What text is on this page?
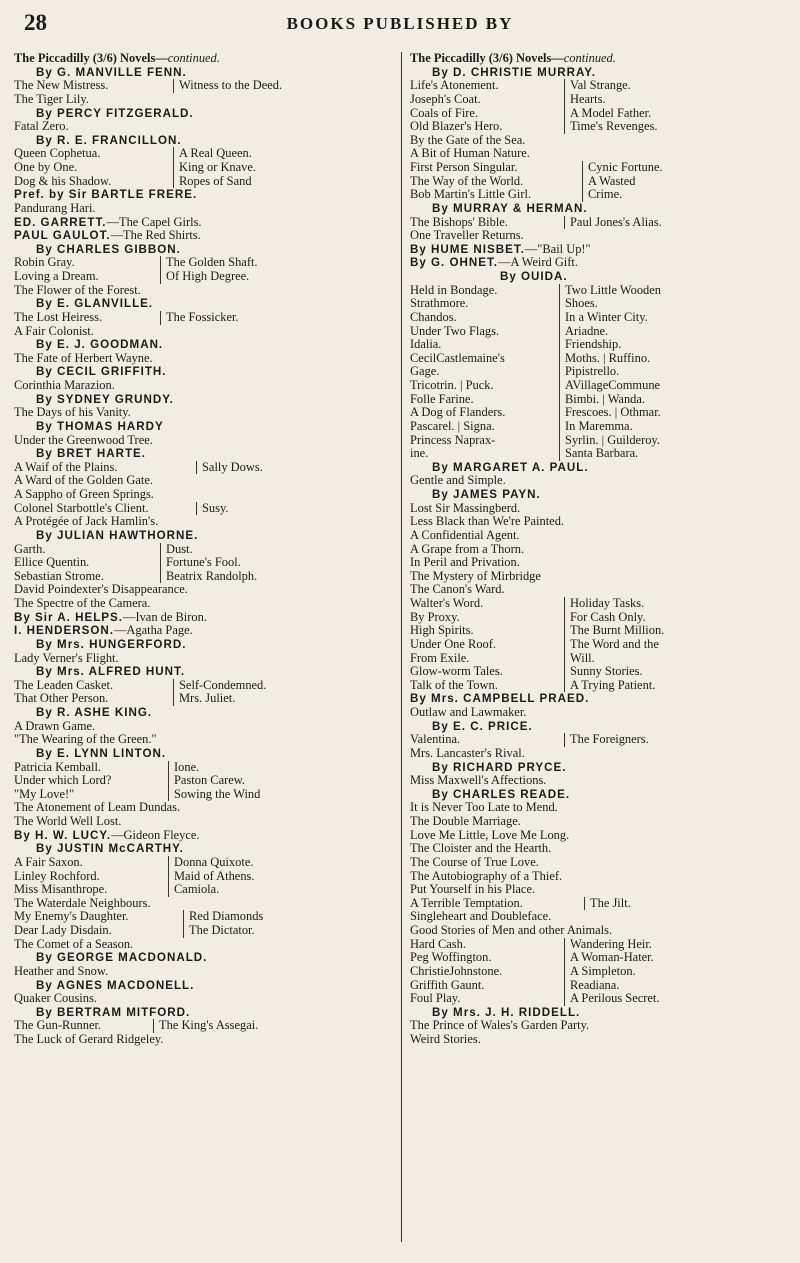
28	BOOKS PUBLISHED BY
The Piccadilly (3/6) Novels—continued.
By G. MANVILLE FENN.
The New Mistress.	Witness to the Deed.
The Tiger Lily.
By PERCY FITZGERALD.
Fatal Zero.
By R. E. FRANCILLON.
Queen Cophetua.	A Real Queen.
One by One.	King or Knave.
Dog & his Shadow.	Ropes of Sand
Pref. by Sir BARTLE FRERE.
Pandurang Hari.
ED. GARRETT.—The Capel Girls.
PAUL GAULOT.—The Red Shirts.
By CHARLES GIBBON.
Robin Gray.	The Golden Shaft.
Loving a Dream.	Of High Degree.
The Flower of the Forest.
By E. GLANVILLE.
The Lost Heiress.	The Fossicker.
A Fair Colonist.
By E. J. GOODMAN.
The Fate of Herbert Wayne.
By CECIL GRIFFITH.
Corinthia Marazion.
By SYDNEY GRUNDY.
The Days of his Vanity.
By THOMAS HARDY
Under the Greenwood Tree.
By BRET HARTE.
A Waif of the Plains.	Sally Dows.
A Ward of the Golden Gate.
A Sappho of Green Springs.
Colonel Starbottle's Client.	Susy.
A Protégée of Jack Hamlin's.
By JULIAN HAWTHORNE.
Garth.	Dust.
Ellice Quentin.	Fortune's Fool.
Sebastian Strome.	Beatrix Randolph.
David Poindexter's Disappearance.
The Spectre of the Camera.
By Sir A. HELPS.—Ivan de Biron.
I. HENDERSON.—Agatha Page.
By Mrs. HUNGERFORD.
Lady Verner's Flight.
By Mrs. ALFRED HUNT.
The Leaden Casket.	Self-Condemned.
That Other Person.	Mrs. Juliet.
By R. ASHE KING.
A Drawn Game.
"The Wearing of the Green."
By E. LYNN LINTON.
Patricia Kemball.	Ione.
Under which Lord?	Paston Carew.
"My Love!"	Sowing the Wind
The Atonement of Leam Dundas.
The World Well Lost.
By H. W. LUCY.—Gideon Fleyce.
By JUSTIN McCARTHY.
A Fair Saxon.	Donna Quixote.
Linley Rochford.	Maid of Athens.
Miss Misanthrope.	Camiola.
The Waterdale Neighbours.
My Enemy's Daughter.	Red Diamonds
Dear Lady Disdain.	The Dictator.
The Comet of a Season.
By GEORGE MACDONALD.
Heather and Snow.
By AGNES MACDONELL.
Quaker Cousins.
By BERTRAM MITFORD.
The Gun-Runner.	The King's Assegai.
The Luck of Gerard Ridgeley.
The Piccadilly (3/6) Novels—continued.
By D. CHRISTIE MURRAY.
Life's Atonement.	Val Strange.
Joseph's Coat.	Hearts.
Coals of Fire.	A Model Father.
Old Blazer's Hero.	Time's Revenges.
By the Gate of the Sea.
A Bit of Human Nature.
First Person Singular.	Cynic Fortune.
The Way of the World.	A Wasted
Bob Martin's Little Girl.	Crime.
By MURRAY & HERMAN.
The Bishops' Bible.	Paul Jones's Alias.
One Traveller Returns.
By HUME NISBET.—"Bail Up!"
By G. OHNET.—A Weird Gift.
By OUIDA.
Held in Bondage.	Two Little Wooden
Strathmore.	Shoes.
Chandos.	In a Winter City.
Under Two Flags.	Ariadne.
Idalia.	Friendship.
CecilCastlemaine's	Moths. | Ruffino.
Gage.	Pipistrello.
Tricotrin. | Puck.	AVillageCommune
Folle Farine.	Bimbi. | Wanda.
A Dog of Flanders.	Frescoes. | Othmar.
Pascarel. | Signa.	In Maremma.
Princess Naprax-	Syrlin. | Guilderoy.
ine.	Santa Barbara.
By MARGARET A. PAUL.
Gentle and Simple.
By JAMES PAYN.
Lost Sir Massingberd.
Less Black than We're Painted.
A Confidential Agent.
A Grape from a Thorn.
In Peril and Privation.
The Mystery of Mirbridge
The Canon's Ward.
Walter's Word.	Holiday Tasks.
By Proxy.	For Cash Only.
High Spirits.	The Burnt Million.
Under One Roof.	The Word and the
From Exile.	Will.
Glow-worm Tales.	Sunny Stories.
Talk of the Town.	A Trying Patient.
By Mrs. CAMPBELL PRAED.
Outlaw and Lawmaker.
By E. C. PRICE.
Valentina.	The Foreigners.
Mrs. Lancaster's Rival.
By RICHARD PRYCE.
Miss Maxwell's Affections.
By CHARLES READE.
It is Never Too Late to Mend.
The Double Marriage.
Love Me Little, Love Me Long.
The Cloister and the Hearth.
The Course of True Love.
The Autobiography of a Thief.
Put Yourself in his Place.
A Terrible Temptation.	The Jilt.
Singleheart and Doubleface.
Good Stories of Men and other Animals.
Hard Cash.	Wandering Heir.
Peg Woffington.	A Woman-Hater.
ChristieJohnstone.	A Simpleton.
Griffith Gaunt.	Readiana.
Foul Play.	A Perilous Secret.
By Mrs. J. H. RIDDELL.
The Prince of Wales's Garden Party.
Weird Stories.
